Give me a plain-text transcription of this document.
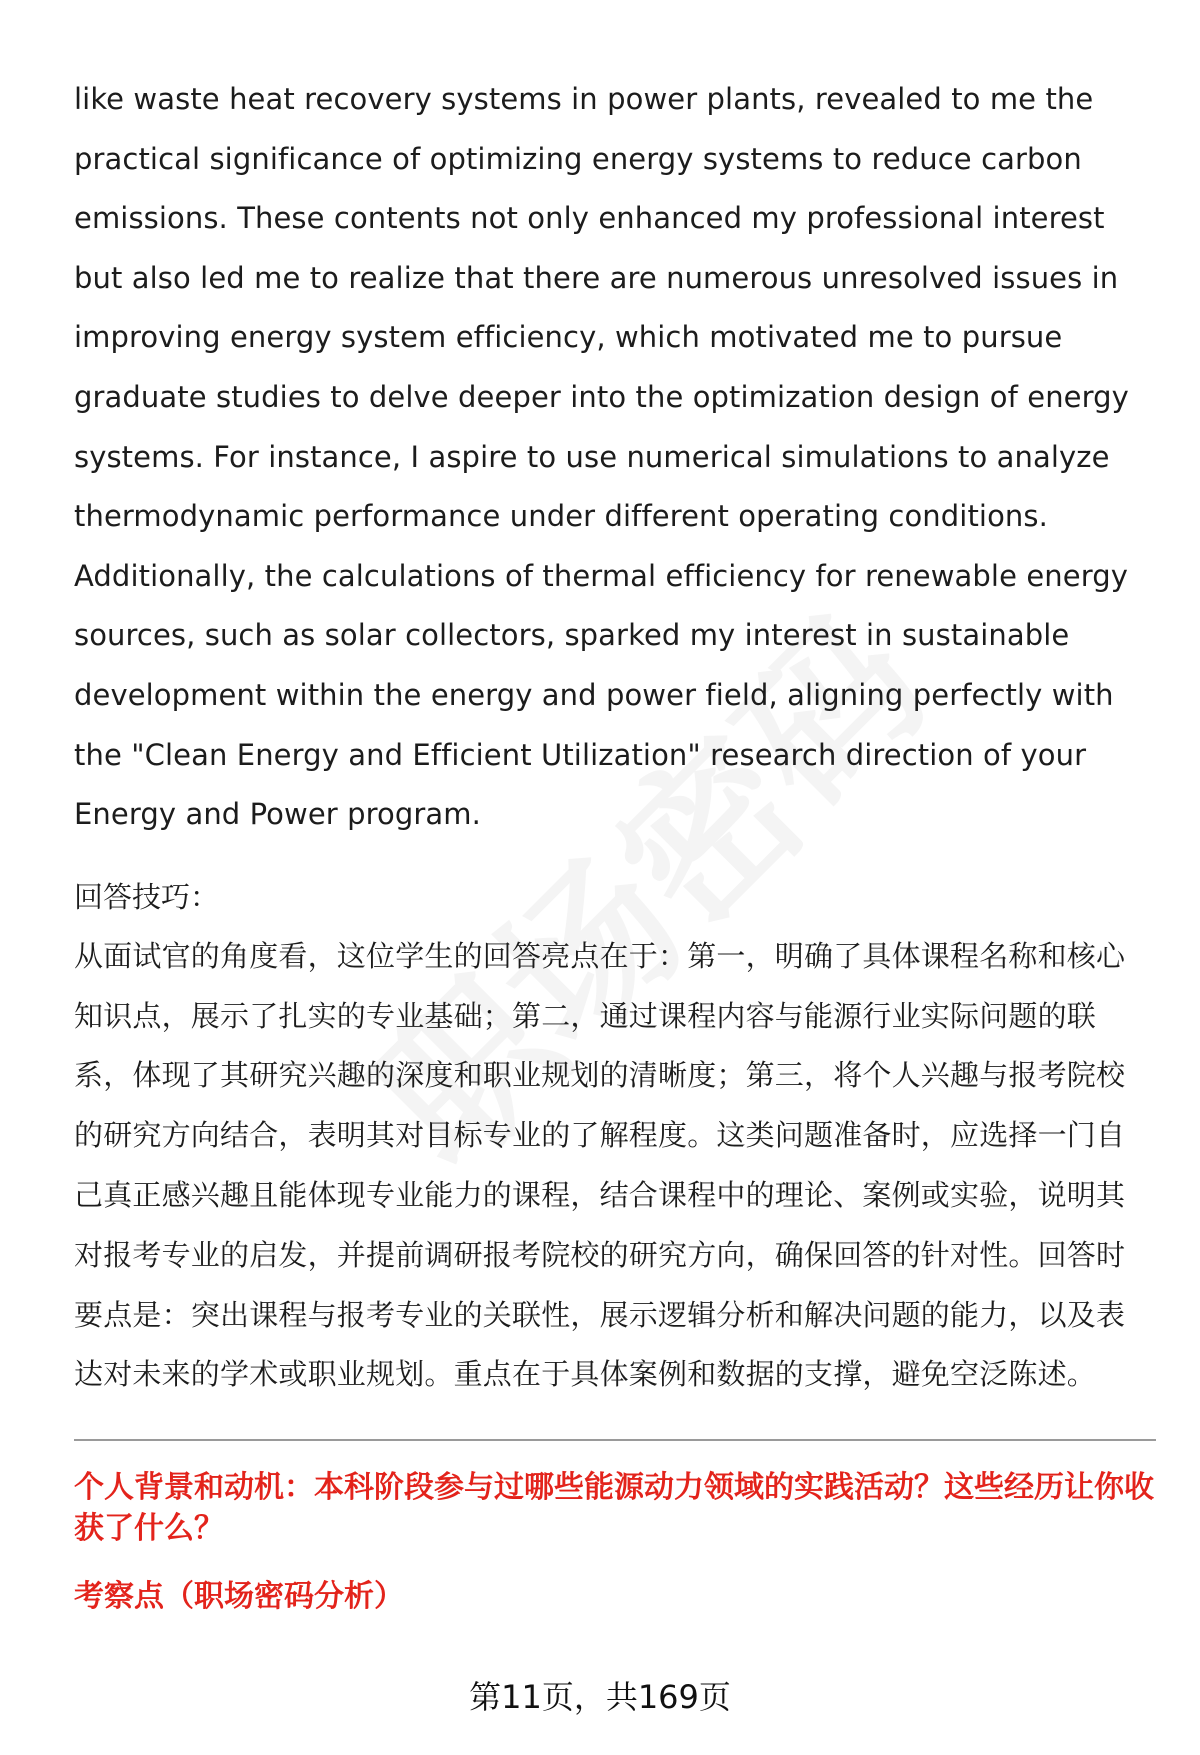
like waste heat recovery systems in power plants, revealed to me the practical significance of optimizing energy systems to reduce carbon emissions. These contents not only enhanced my professional interest but also led me to realize that there are numerous unresolved issues in improving energy system efficiency, which motivated me to pursue graduate studies to delve deeper into the optimization design of energy systems. For instance, I aspire to use numerical simulations to analyze thermodynamic performance under different operating conditions. Additionally, the calculations of thermal efficiency for renewable energy sources, such as solar collectors, sparked my interest in sustainable development within the energy and power field, aligning perfectly with the "Clean Energy and Efficient Utilization" research direction of your Energy and Power program.

回答技巧：

从面试官的角度看，这位学生的回答亮点在于：第一，明确了具体课程名称和核心知识点，展示了扎实的专业基础；第二，通过课程内容与能源行业实际问题的联系，体现了其研究兴趣的深度和职业规划的清晰度；第三，将个人兴趣与报考院校的研究方向结合，表明其对目标专业的了解程度。这类问题准备时，应选择一门自己真正感兴趣且能体现专业能力的课程，结合课程中的理论、案例或实验，说明其对报考专业的启发，并提前调研报考院校的研究方向，确保回答的针对性。回答时要点是：突出课程与报考专业的关联性，展示逻辑分析和解决问题的能力，以及表达对未来的学术或职业规划。重点在于具体案例和数据的支撑，避免空泛陈述。

个人背景和动机：本科阶段参与过哪些能源动力领域的实践活动？这些经历让你收获了什么？

考察点（职场密码分析）

第11页，共169页
